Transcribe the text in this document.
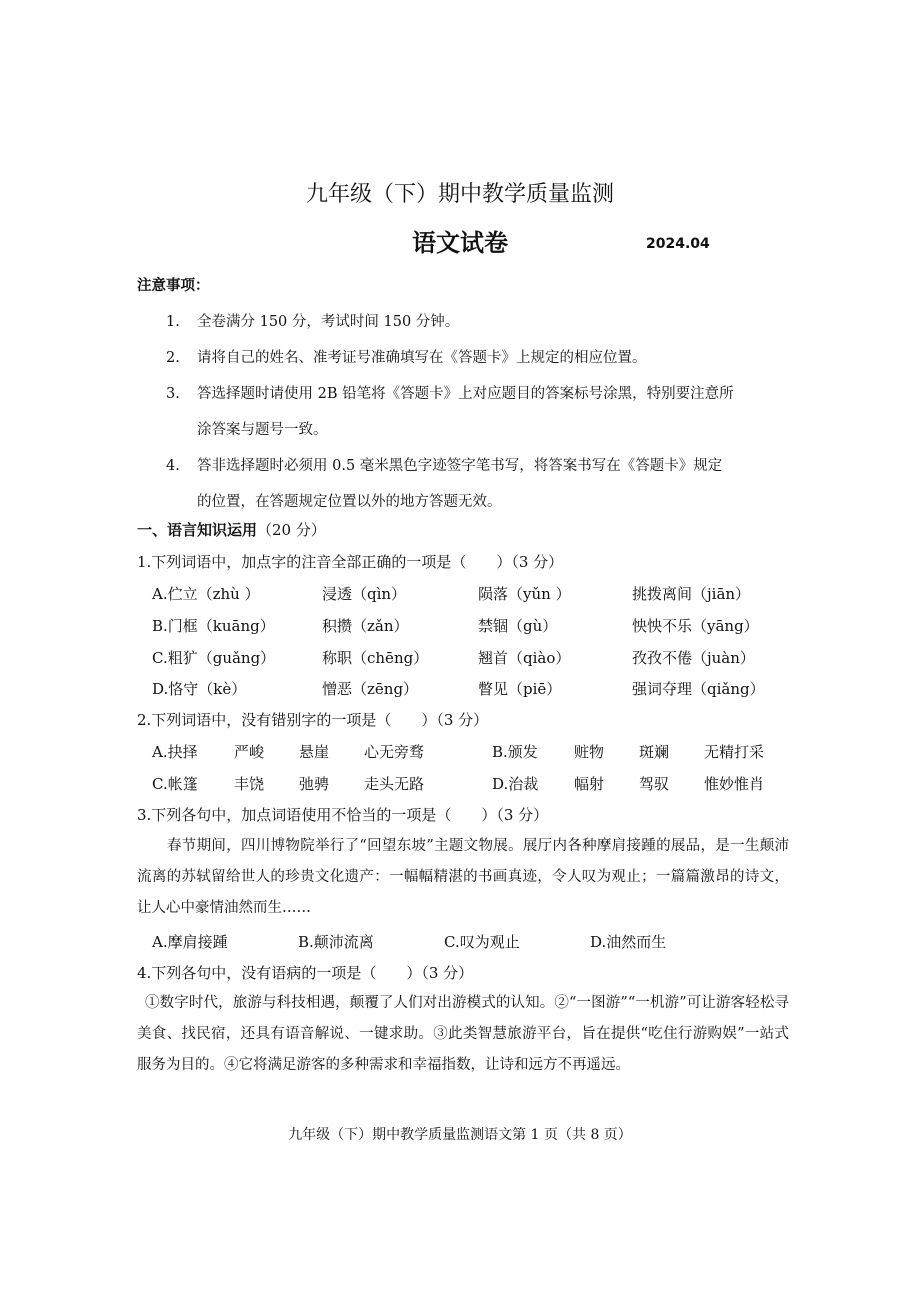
九年级（下）期中教学质量监测
语文试卷	2024.04
注意事项：
1. 全卷满分 150 分，考试时间 150 分钟。
2. 请将自己的姓名、准考证号准确填写在《答题卡》上规定的相应位置。
3. 答选择题时请使用 2B 铅笔将《答题卡》上对应题目的答案标号涂黑，特别要注意所
涂答案与题号一致。
4. 答非选择题时必须用 0.5 毫米黑色字迹签字笔书写，将答案书写在《答题卡》规定
的位置，在答题规定位置以外的地方答题无效。
一、语言知识运用（20 分）
1.下列词语中，加点字的注音全部正确的一项是（　　）（3 分）
A.伫立（zhù ）	浸透（qìn）	陨落（yǔn ）	挑拨离间（jiān）
B.门框（kuāng）	积攒（zǎn）	禁锢（gù）	怏怏不乐（yāng）
C.粗犷（guǎng）	称职（chēng）	翘首（qiào）	孜孜不倦（juàn）
D.恪守（kè）	憎恶（zēng）	瞥见（piē）	强词夺理（qiǎng）
2.下列词语中，没有错别字的一项是（　　）（3 分）
A.抉择 严峻 悬崖 心无旁骛	B.颁发 赃物 斑斓 无精打采
C.帐篷 丰饶 弛骋 走头无路	D.治裁 幅射 驾驭 惟妙惟肖
3.下列各句中，加点词语使用不恰当的一项是（　　）（3 分）
春节期间，四川博物院举行了“回望东坡”主题文物展。展厅内各种摩肩接踵的展品，是一生颠沛流离的苏轼留给世人的珍贵文化遗产：一幅幅精湛的书画真迹，令人叹为观止；一篇篇激昂的诗文，让人心中豪情油然而生……
A.摩肩接踵	B.颠沛流离	C.叹为观止	D.油然而生
4.下列各句中，没有语病的一项是（　　）（3 分）
①数字时代，旅游与科技相遇，颠覆了人们对出游模式的认知。②“一图游”“一机游”可让游客轻松寻美食、找民宿，还具有语音解说、一键求助。③此类智慧旅游平台，旨在提供“吃住行游购娱”一站式服务为目的。④它将满足游客的多种需求和幸福指数，让诗和远方不再遥远。
九年级（下）期中教学质量监测语文第 1 页（共 8 页）
